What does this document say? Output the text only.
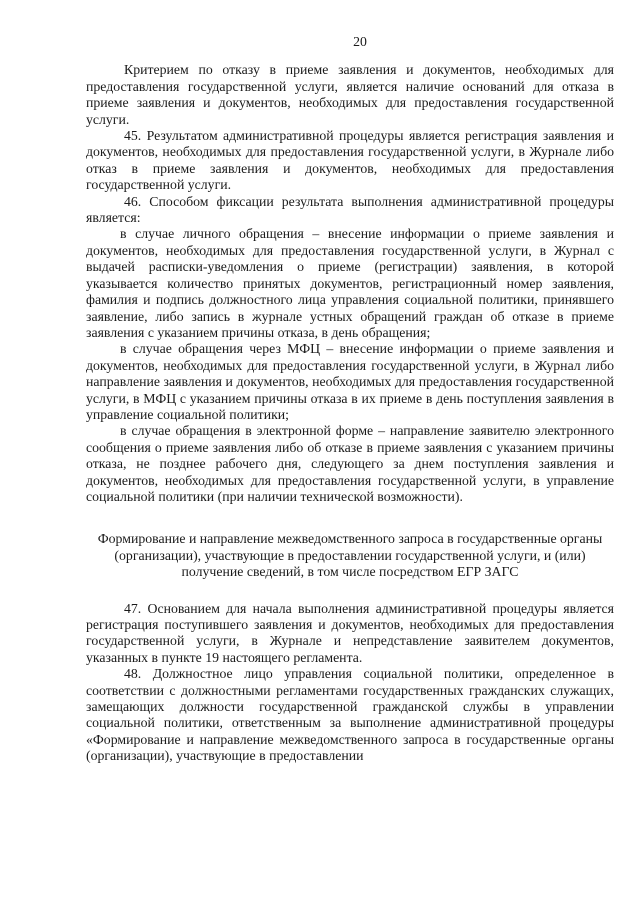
20

Критерием по отказу в приеме заявления и документов, необходимых для предоставления государственной услуги, является наличие оснований для отказа в приеме заявления и документов, необходимых для предоставления государственной услуги.

45. Результатом административной процедуры является регистрация заявления и документов, необходимых для предоставления государственной услуги, в Журнале либо отказ в приеме заявления и документов, необходимых для предоставления государственной услуги.

46. Способом фиксации результата выполнения административной процедуры является:

в случае личного обращения – внесение информации о приеме заявления и документов, необходимых для предоставления государственной услуги, в Журнал с выдачей расписки-уведомления о приеме (регистрации) заявления, в которой указывается количество принятых документов, регистрационный номер заявления, фамилия и подпись должностного лица управления социальной политики, принявшего заявление, либо запись в журнале устных обращений граждан об отказе в приеме заявления с указанием причины отказа, в день обращения;

в случае обращения через МФЦ – внесение информации о приеме заявления и документов, необходимых для предоставления государственной услуги, в Журнал либо направление заявления и документов, необходимых для предоставления государственной услуги, в МФЦ с указанием причины отказа в их приеме в день поступления заявления в управление социальной политики;

в случае обращения в электронной форме – направление заявителю электронного сообщения о приеме заявления либо об отказе в приеме заявления с указанием причины отказа, не позднее рабочего дня, следующего за днем поступления заявления и документов, необходимых для предоставления государственной услуги, в управление социальной политики (при наличии технической возможности).

Формирование и направление межведомственного запроса в государственные органы (организации), участвующие в предоставлении государственной услуги, и (или) получение сведений, в том числе посредством ЕГР ЗАГС

47. Основанием для начала выполнения административной процедуры является регистрация поступившего заявления и документов, необходимых для предоставления государственной услуги, в Журнале и непредставление заявителем документов, указанных в пункте 19 настоящего регламента.

48. Должностное лицо управления социальной политики, определенное в соответствии с должностными регламентами государственных гражданских служащих, замещающих должности государственной гражданской службы в управлении социальной политики, ответственным за выполнение административной процедуры «Формирование и направление межведомственного запроса в государственные органы (организации), участвующие в предоставлении
